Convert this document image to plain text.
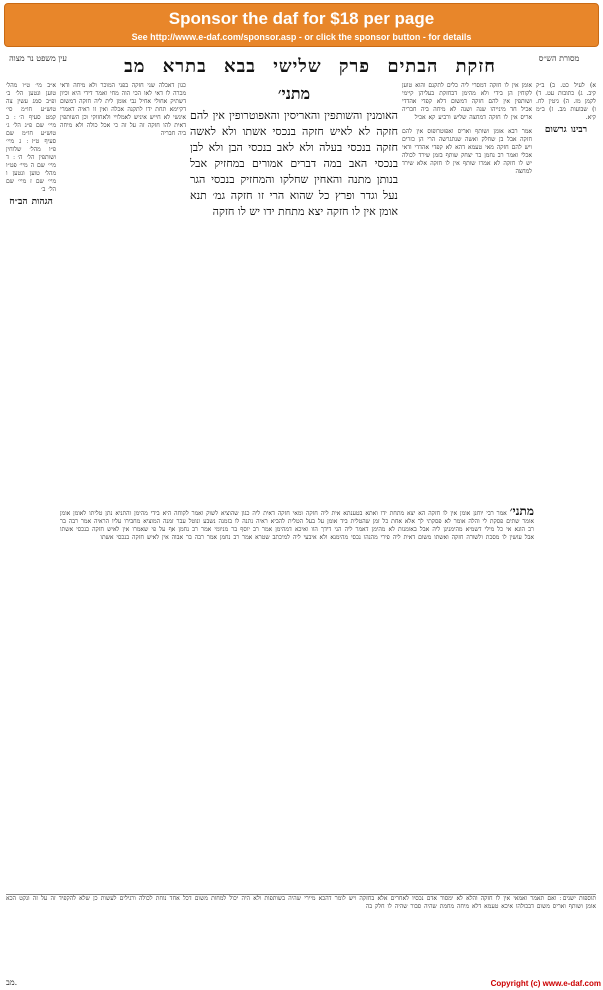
Sponsor the daf for $18 per page
See http://www.e-daf.com/sponsor.asp - or click the sponsor button - for details
עין משפט נר מצוה	חזקת הבתים פרק שלישי בבא בתרא מב	מסורת הש״ס
א״ב מי׳ ט״ו מהל׳ טוען ונטען הל׳ ב׳ ופ״ב סמג עשין צה טוש״ע חו״מ סי׳ קמט סעיף ה׳ ׃ ב מיי׳ שם פ״ג הל׳ ג׳ טוש״ע חו״מ שם סעיף ט״ז ׃ ג מיי׳ פ״ו מהל׳ שלוחין ושותפין הל׳ ה׳ ׃ ד מיי׳ שם ה מיי׳ פט״ו מהל׳ טוען ונטען ו מיי׳ שם ז מיי׳ שם הל׳ ב׳
הגהות הב״ח
כגון דאכלה שני חזקה בפני המוכר ולא מיחה ודאי מכרה לו דאי לאו הכי הוה מחי ואמר דידי היא וכיון דשתיק אחולי אחיל גבי אומן לית ליה חזקה דמשום דקיימא תחת ידו לתקנה אכלה ואין זו ראיה דאמרי אינשי לא חייש איניש לאמלויי ולאחזוקי וכן השותפין דאית להו חזקה זה על זה כי אכל כולה ולא מיחה ביה חבריה
מתני׳
האומנין והשותפין והאריסין והאפוטרופין אין להם חזקה לא לאיש חזקה בנכסי אשתו ולא לאשה חזקה בנכסי בעלה ולא לאב בנכסי הבן ולא לבן בנכסי האב במה דברים אמורים במחזיק אבל בנותן מתנה והאחין שחלקו והמחזיק בנכסי הגר נעל וגדר ופרץ כל שהוא הרי זו חזקה גמ׳ תנא אומן אין לו חזקה יצא מתחת ידו יש לו חזקה
אומן אין לו חזקה דמסרי ליה כלים לתקנם והוא טוען לקוחין הן בידי ולא מהימן דבחזקת בעליהן קיימי ושותפין אין להם חזקה דמשום דלא קפדי אהדדי אכיל חד מינייהו שנה ושנה לא מיחה ביה חבריה אריס אין לו חזקה דמחצה שליש ורביע קא אכיל
אמר רבא אומן ושותף ואריס ואפוטרופוס אין להם חזקה אבל בן שחלק ואשה שנתגרשה הרי הן כזרים ויש להם חזקה מאי טעמא דהא לא קפדי אהדדי ודאי אכלי ואמר רב נחמן בר יצחק שותף בזמן שירד לכולה יש לו חזקה לא אמרו שותף אין לו חזקה אלא שירד למחצה
א) לעיל כט. ב) ב״ק קיב. ג) כתובות עט. ד) לקמן מז. ה) גיטין לח. ו) שבועות מב. ז) ב״מ קיא.
רבינו גרשום
מתני׳ אמר רבי יוחנן אומן אין לו חזקה הא יצא מתחת ידו ואתא בטענתא אית ליה חזקה ומאי חזקה דאית ליה כגון שהוציא לשוק ואמר לקוחה היא בידי מהימן והתניא נתן טליתו לאומן אומן אומר שתים פסקת לי והלה אומר לא פסקתי לך אלא אחת כל זמן שהטלית ביד אומן על בעל הטלית להביא ראיה נתנה לו בזמנה נשבע ונוטל עבר זמנה המוציא מחבירו עליו הראיה אמר רבה בר רב הונא אי כל מילי דשמיא מהימנינן ליה אבל באומנות לא מהימן דאמר ליה הני דידך הוו ואיכא דמהימן אמר רב יוסף בר מניומי אמר רב נחמן אף על פי שאמרו אין לאיש חזקה בנכסי אשתו אבל עושין לו מסכת ולשורה חזקה ואשתו משום דאית ליה פירי מהנהו נכסי מהימנא ולא איבעי ליה למיכתב שטרא אמר רב נחמן אמר רבה בר אבוה אין לאיש חזקה בנכסי אשתו
תוספות ישנים ׃ ואם תאמר ואמאי אין לו חזקה והלא לא ימסור אדם נכסיו לאחרים אלא בחזקה ויש לומר דהכא מיירי שהיה בשותפות ולא היה יכול למחות משום דכל אחד נוחת לכולה ורגילים לעשות כן שלא להקפיד זה על זה ונקט הכא אומן ושותף ואריס משום דבכולהו איכא טעמא דלא מיחה מחמת שהיה סבור שהיה לו חלק בה
מב.	Copyright (c) www.e-daf.com
